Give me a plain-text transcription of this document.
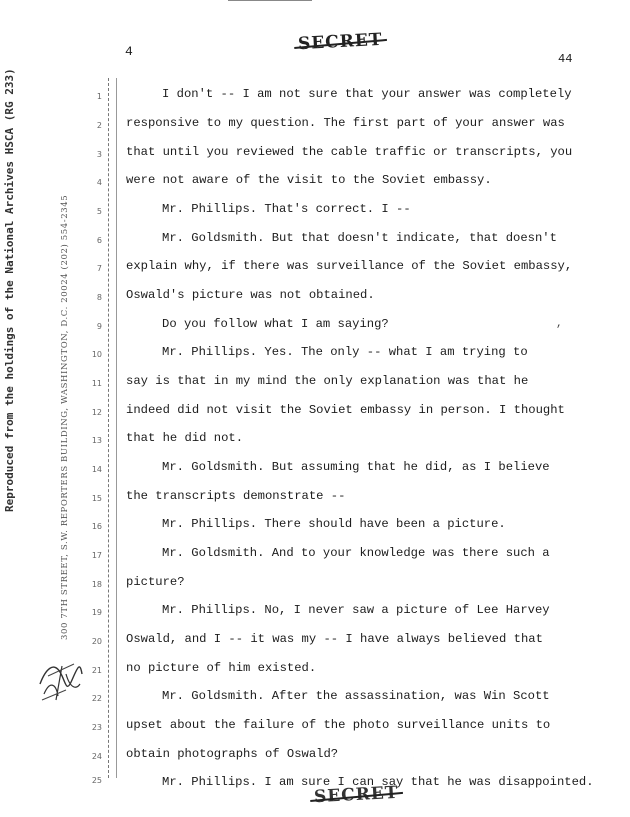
4	44
SECRET
SECRET
Reproduced from the holdings of the National Archives HSCA (RG 233)	300 7TH STREET, S.W. REPORTERS BUILDING, WASHINGTON, D.C. 20024 (202) 554-2345
1
2
3
4
5
6
7
8
9
10
11
12
13
14
15
16
17
18
19
20
21
22
23
24
25
I don't -- I am not sure that your answer was completely
responsive to my question. The first part of your answer was
that until you reviewed the cable traffic or transcripts, you
were not aware of the visit to the Soviet embassy.
Mr. Phillips. That's correct. I --
Mr. Goldsmith. But that doesn't indicate, that doesn't
explain why, if there was surveillance of the Soviet embassy,
Oswald's picture was not obtained.
Do you follow what I am saying?
Mr. Phillips. Yes. The only -- what I am trying to
say is that in my mind the only explanation was that he
indeed did not visit the Soviet embassy in person. I thought
that he did not.
Mr. Goldsmith. But assuming that he did, as I believe
the transcripts demonstrate --
Mr. Phillips. There should have been a picture.
Mr. Goldsmith. And to your knowledge was there such a
picture?
Mr. Phillips. No, I never saw a picture of Lee Harvey
Oswald, and I -- it was my -- I have always believed that
no picture of him existed.
Mr. Goldsmith. After the assassination, was Win Scott
upset about the failure of the photo surveillance units to
obtain photographs of Oswald?
Mr. Phillips. I am sure I can say that he was disappointed.
,
